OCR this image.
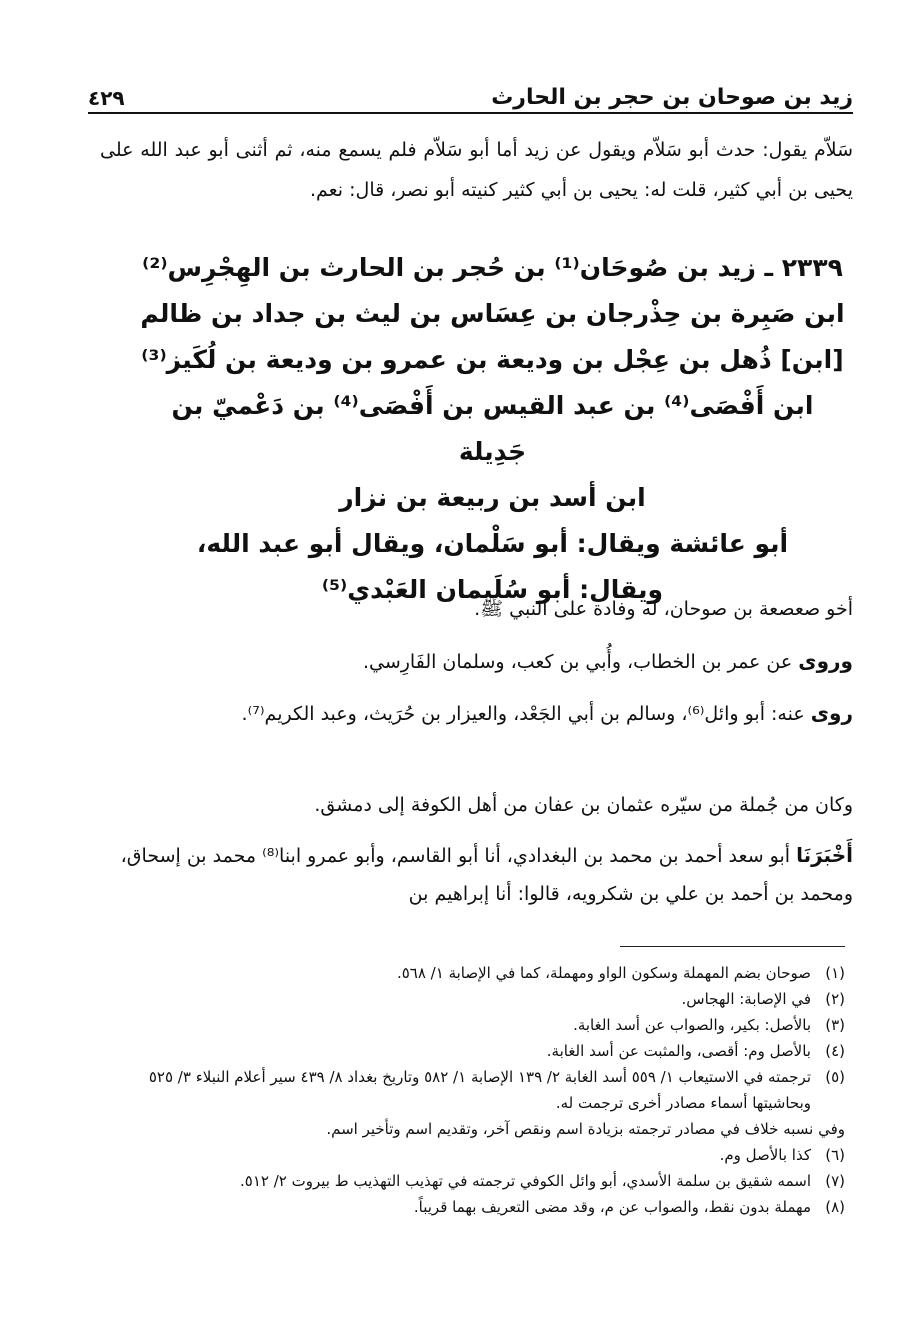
زيد بن صوحان بن حجر بن الحارث
٤٢٩

سَلاّم يقول: حدث أبو سَلاّم ويقول عن زيد أما أبو سَلاّم فلم يسمع منه، ثم أثنى أبو عبد الله على يحيى بن أبي كثير، قلت له: يحيى بن أبي كثير كنيته أبو نصر، قال: نعم.

٢٣٣٩ ـ زيد بن صُوحَان⁽¹⁾ بن حُجر بن الحارث بن الهِجْرِس⁽²⁾
ابن صَبِرة بن حِذْرجان بن عِسَاس بن ليث بن جداد بن ظالم
[ابن] ذُهل بن عِجْل بن وديعة بن عمرو بن وديعة بن لُكَيز⁽³⁾
ابن أَفْصَى⁽⁴⁾ بن عبد القيس بن أَفْصَى⁽⁴⁾ بن دَعْميّ بن جَدِيلة
ابن أسد بن ربيعة بن نزار
أبو عائشة ويقال: أبو سَلْمان، ويقال أبو عبد الله،
ويقال: أبو سُلَيمان العَبْدي⁽⁵⁾

أخو صعصعة بن صوحان، له وفادة على النبي ﷺ.

وروى عن عمر بن الخطاب، وأُبي بن كعب، وسلمان الفَارِسي.

روى عنه: أبو وائل⁽⁶⁾، وسالم بن أبي الجَعْد، والعيزار بن حُرَيث، وعبد الكريم⁽⁷⁾.

وكان من جُملة من سيّره عثمان بن عفان من أهل الكوفة إلى دمشق.

أَخْبَرَنَا أبو سعد أحمد بن محمد بن البغدادي، أنا أبو القاسم، وأبو عمرو ابنا⁽⁸⁾ محمد بن إسحاق، ومحمد بن أحمد بن علي بن شكرويه، قالوا: أنا إبراهيم بن

(١)
صوحان بضم المهملة وسكون الواو ومهملة، كما في الإصابة ١/ ٥٦٨.
(٢)
في الإصابة: الهجاس.
(٣)
بالأصل: بكير، والصواب عن أسد الغابة.
(٤)
بالأصل وم: أقصى، والمثبت عن أسد الغابة.
(٥)
ترجمته في الاستيعاب ١/ ٥٥٩ أسد الغابة ٢/ ١٣٩ الإصابة ١/ ٥٨٢ وتاريخ بغداد ٨/ ٤٣٩ سير أعلام النبلاء ٣/ ٥٢٥ وبحاشيتها أسماء مصادر أخرى ترجمت له.
وفي نسبه خلاف في مصادر ترجمته بزيادة اسم ونقص آخر، وتقديم اسم وتأخير اسم.
(٦)
كذا بالأصل وم.
(٧)
اسمه شقيق بن سلمة الأسدي، أبو وائل الكوفي ترجمته في تهذيب التهذيب ط بيروت ٢/ ٥١٢.
(٨)
مهملة بدون نقط، والصواب عن م، وقد مضى التعريف بهما قريباً.
